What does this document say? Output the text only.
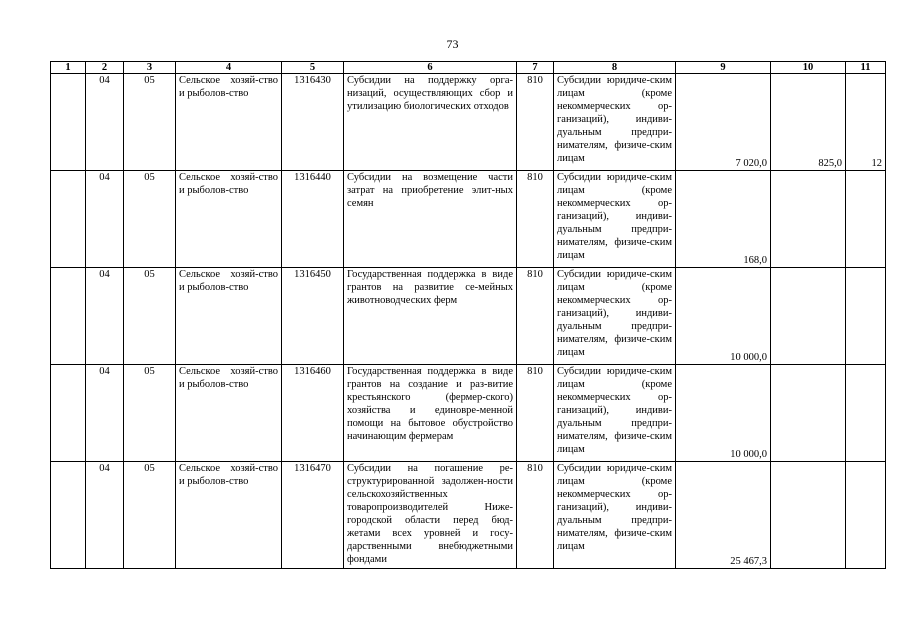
73
1	2	3	4	5	6	7	8	9	10	11
	04	05	Сельское хозяй-ство и рыболов-ство	1316430	Субсидии на поддержку орга-низаций, осуществляющих сбор и утилизацию биологических отходов	810	Субсидии юридиче-ским лицам (кроме некоммерческих ор-ганизаций), индиви-дуальным предпри-нимателям, физиче-ским лицам	7 020,0	825,0	12
	04	05	Сельское хозяй-ство и рыболов-ство	1316440	Субсидии на возмещение части затрат на приобретение элит-ных семян	810	Субсидии юридиче-ским лицам (кроме некоммерческих ор-ганизаций), индиви-дуальным предпри-нимателям, физиче-ским лицам	168,0		
	04	05	Сельское хозяй-ство и рыболов-ство	1316450	Государственная поддержка в виде грантов на развитие се-мейных животноводческих ферм	810	Субсидии юридиче-ским лицам (кроме некоммерческих ор-ганизаций), индиви-дуальным предпри-нимателям, физиче-ским лицам	10 000,0		
	04	05	Сельское хозяй-ство и рыболов-ство	1316460	Государственная поддержка в виде грантов на создание и раз-витие крестьянского (фермер-ского) хозяйства и единовре-менной помощи на бытовое обустройство начинающим фермерам	810	Субсидии юридиче-ским лицам (кроме некоммерческих ор-ганизаций), индиви-дуальным предпри-нимателям, физиче-ским лицам	10 000,0		
	04	05	Сельское хозяй-ство и рыболов-ство	1316470	Субсидии на погашение ре-структурированной задолжен-ности сельскохозяйственных товаропроизводителей Ниже-городской области перед бюд-жетами всех уровней и госу-дарственными внебюджетными фондами	810	Субсидии юридиче-ским лицам (кроме некоммерческих ор-ганизаций), индиви-дуальным предпри-нимателям, физиче-ским лицам	25 467,3		
